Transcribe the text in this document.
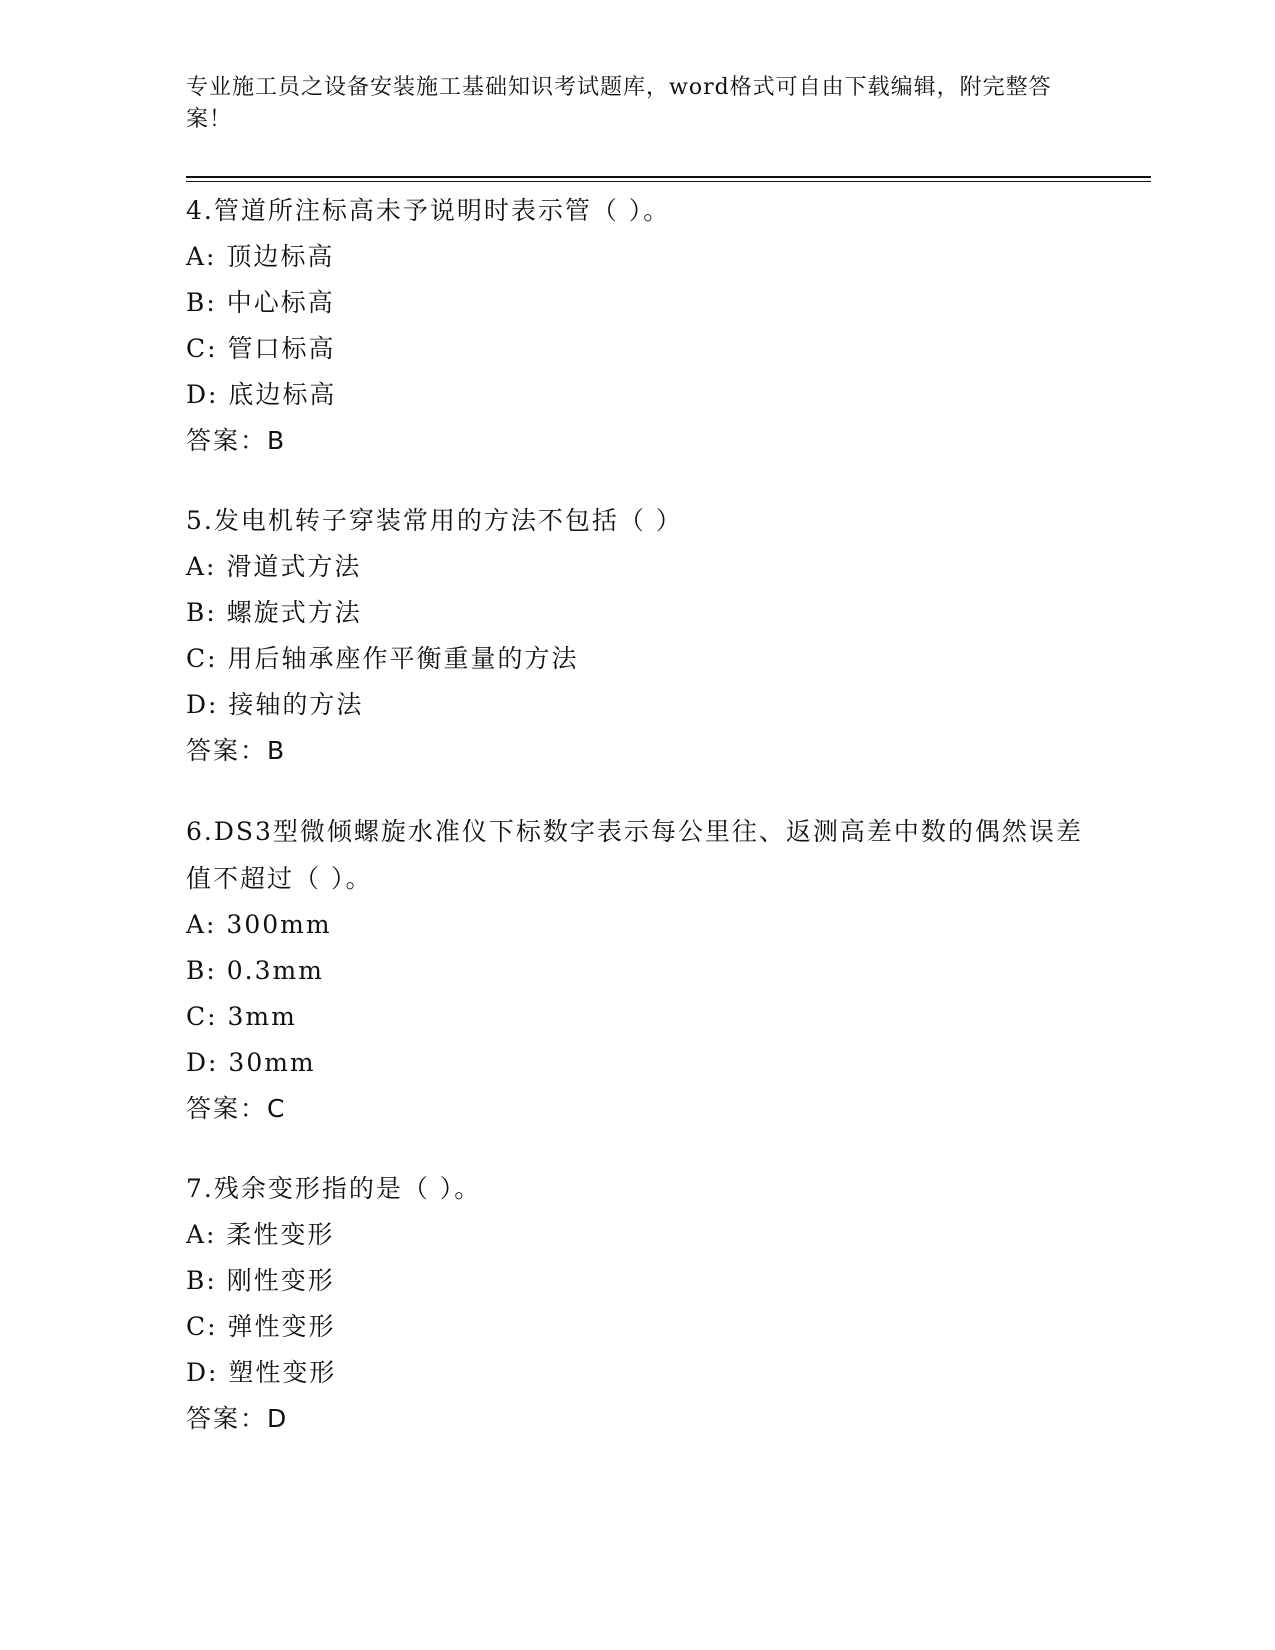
专业施工员之设备安装施工基础知识考试题库，word格式可自由下载编辑，附完整答案！
4.管道所注标高未予说明时表示管（ ）。
A: 顶边标高
B: 中心标高
C: 管口标高
D: 底边标高
答案：B
5.发电机转子穿装常用的方法不包括（ ）
A: 滑道式方法
B: 螺旋式方法
C: 用后轴承座作平衡重量的方法
D: 接轴的方法
答案：B
6.DS3型微倾螺旋水准仪下标数字表示每公里往、返测高差中数的偶然误差值不超过（ ）。
A: 300mm
B: 0.3mm
C: 3mm
D: 30mm
答案：C
7.残余变形指的是（ ）。
A: 柔性变形
B: 刚性变形
C: 弹性变形
D: 塑性变形
答案：D
